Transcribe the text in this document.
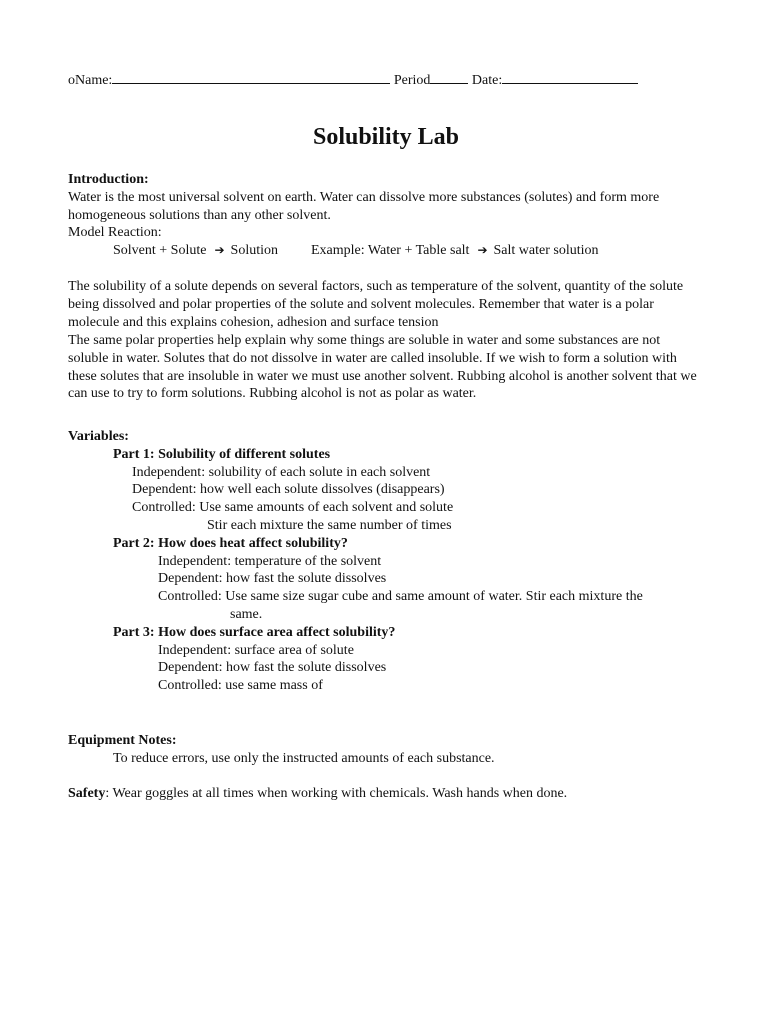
oName:	Period	Date:
Solubility Lab
Introduction:
Water is the most universal solvent on earth. Water can dissolve more substances (solutes) and form more homogeneous solutions than any other solvent.
Model Reaction:
Solvent + Solute ➔ Solution Example: Water + Table salt ➔ Salt water solution
The solubility of a solute depends on several factors, such as temperature of the solvent, quantity of the solute being dissolved and polar properties of the solute and solvent molecules. Remember that water is a polar molecule and this explains cohesion, adhesion and surface tension
The same polar properties help explain why some things are soluble in water and some substances are not soluble in water. Solutes that do not dissolve in water are called insoluble. If we wish to form a solution with these solutes that are insoluble in water we must use another solvent. Rubbing alcohol is another solvent that we can use to try to form solutions. Rubbing alcohol is not as polar as water.
Variables:
Part 1: Solubility of different solutes
Independent: solubility of each solute in each solvent
Dependent: how well each solute dissolves (disappears)
Controlled: Use same amounts of each solvent and solute
Stir each mixture the same number of times
Part 2: How does heat affect solubility?
Independent: temperature of the solvent
Dependent: how fast the solute dissolves
Controlled: Use same size sugar cube and same amount of water. Stir each mixture the
same.
Part 3: How does surface area affect solubility?
Independent: surface area of solute
Dependent: how fast the solute dissolves
Controlled: use same mass of
Equipment Notes:
To reduce errors, use only the instructed amounts of each substance.
Safety: Wear goggles at all times when working with chemicals. Wash hands when done.
